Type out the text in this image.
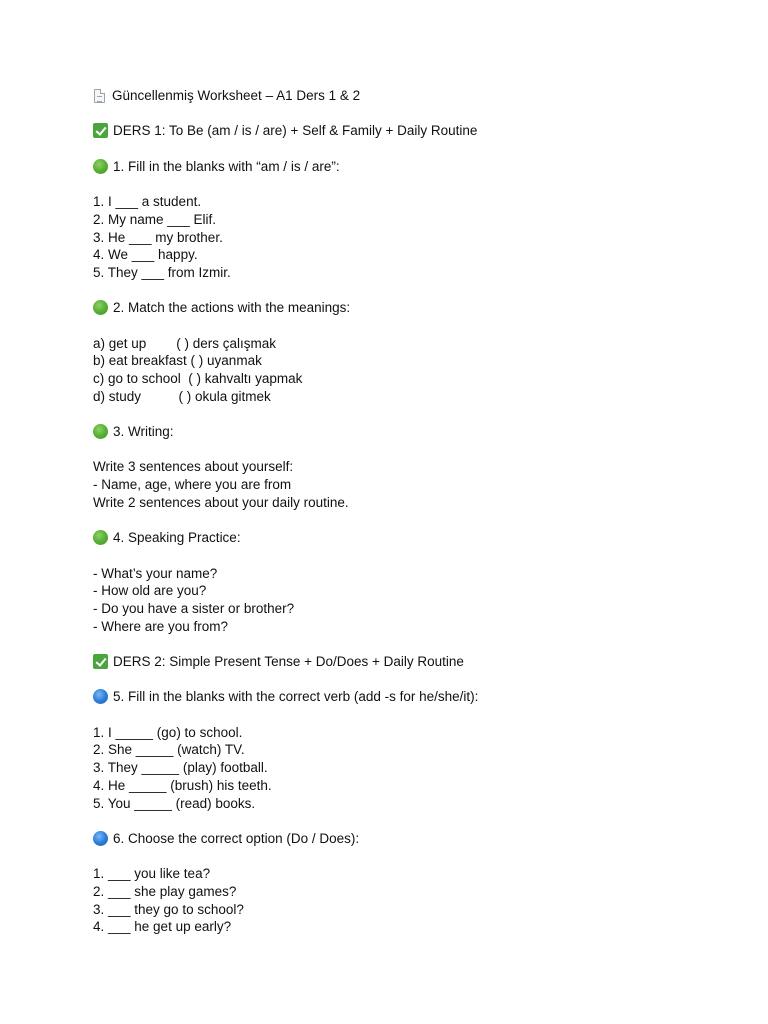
Güncellenmiş Worksheet – A1 Ders 1 & 2
DERS 1: To Be (am / is / are) + Self & Family + Daily Routine
1. Fill in the blanks with “am / is / are”:
1. I ___ a student.
2. My name ___ Elif.
3. He ___ my brother.
4. We ___ happy.
5. They ___ from Izmir.
2. Match the actions with the meanings:
a) get up        ( ) ders çalışmak
b) eat breakfast ( ) uyanmak
c) go to school  ( ) kahvaltı yapmak
d) study          ( ) okula gitmek
3. Writing:
Write 3 sentences about yourself:
- Name, age, where you are from
Write 2 sentences about your daily routine.
4. Speaking Practice:
- What’s your name?
- How old are you?
- Do you have a sister or brother?
- Where are you from?
DERS 2: Simple Present Tense + Do/Does + Daily Routine
5. Fill in the blanks with the correct verb (add -s for he/she/it):
1. I _____ (go) to school.
2. She _____ (watch) TV.
3. They _____ (play) football.
4. He _____ (brush) his teeth.
5. You _____ (read) books.
6. Choose the correct option (Do / Does):
1. ___ you like tea?
2. ___ she play games?
3. ___ they go to school?
4. ___ he get up early?
